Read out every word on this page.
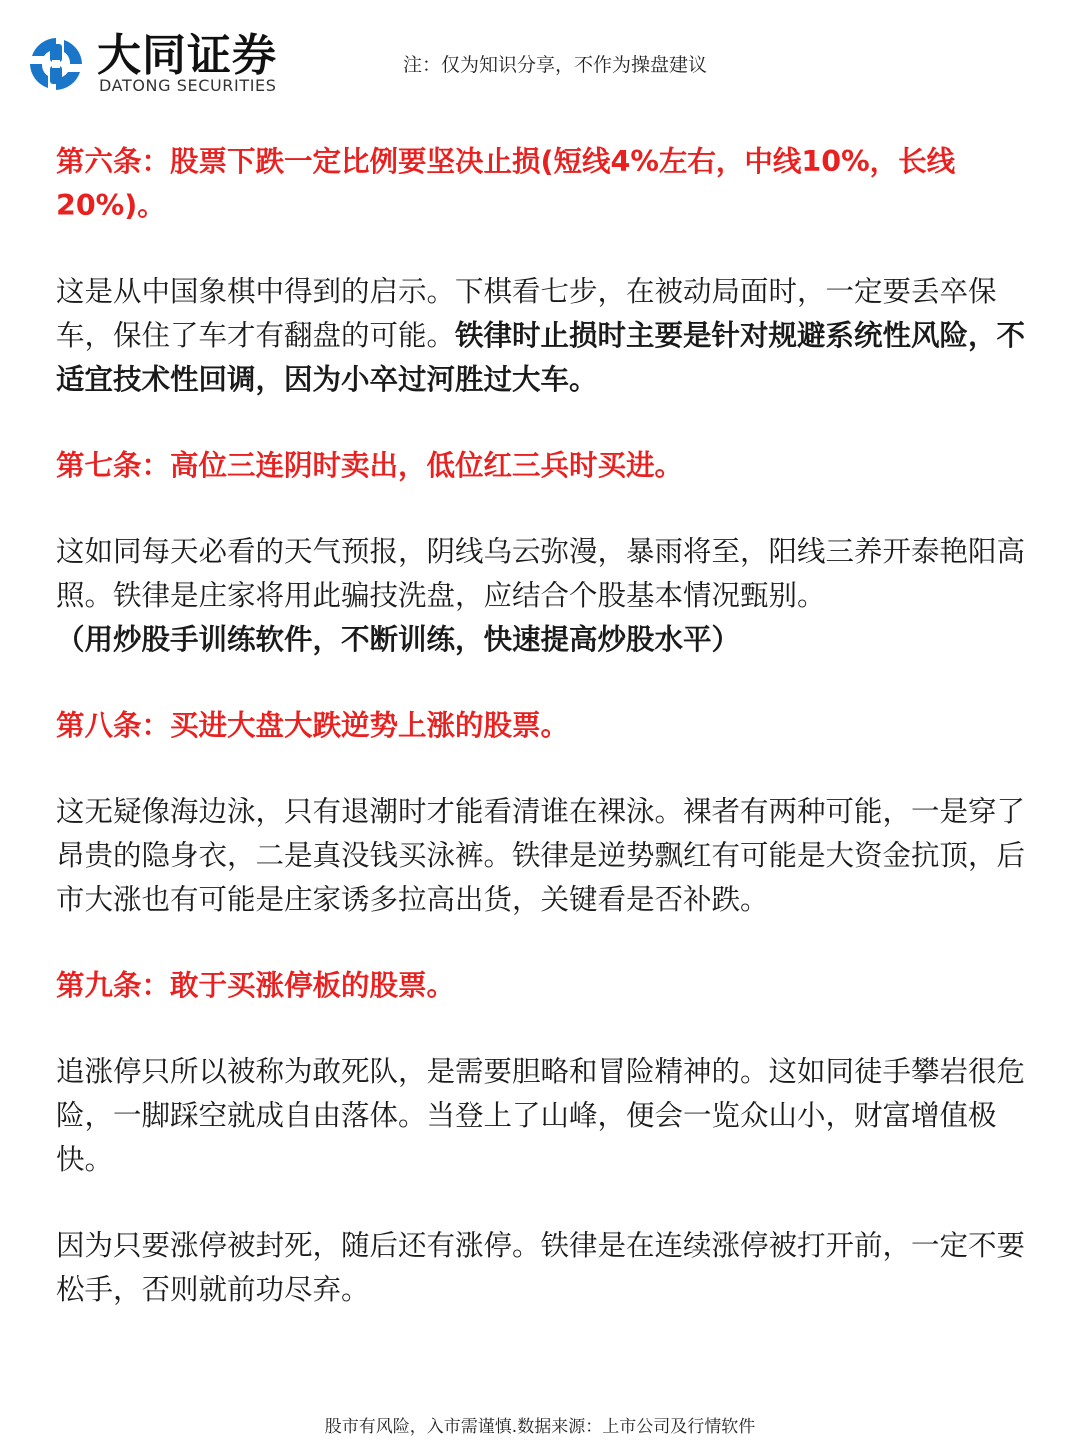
大同证券
DATONG SECURITIES
注：仅为知识分享，不作为操盘建议

第六条：股票下跌一定比例要坚决止损(短线4%左右，中线10%，长线20%)。

这是从中国象棋中得到的启示。下棋看七步，在被动局面时，一定要丢卒保车，保住了车才有翻盘的可能。铁律时止损时主要是针对规避系统性风险，不适宜技术性回调，因为小卒过河胜过大车。

第七条：高位三连阴时卖出，低位红三兵时买进。

这如同每天必看的天气预报，阴线乌云弥漫，暴雨将至，阳线三养开泰艳阳高照。铁律是庄家将用此骗技洗盘，应结合个股基本情况甄别。
（用炒股手训练软件，不断训练，快速提高炒股水平）

第八条：买进大盘大跌逆势上涨的股票。

这无疑像海边泳，只有退潮时才能看清谁在裸泳。裸者有两种可能，一是穿了昂贵的隐身衣，二是真没钱买泳裤。铁律是逆势飘红有可能是大资金抗顶，后市大涨也有可能是庄家诱多拉高出货，关键看是否补跌。

第九条：敢于买涨停板的股票。

追涨停只所以被称为敢死队，是需要胆略和冒险精神的。这如同徒手攀岩很危险，一脚踩空就成自由落体。当登上了山峰，便会一览众山小，财富增值极快。

因为只要涨停被封死，随后还有涨停。铁律是在连续涨停被打开前，一定不要松手，否则就前功尽弃。

股市有风险，入市需谨慎.数据来源：上市公司及行情软件
